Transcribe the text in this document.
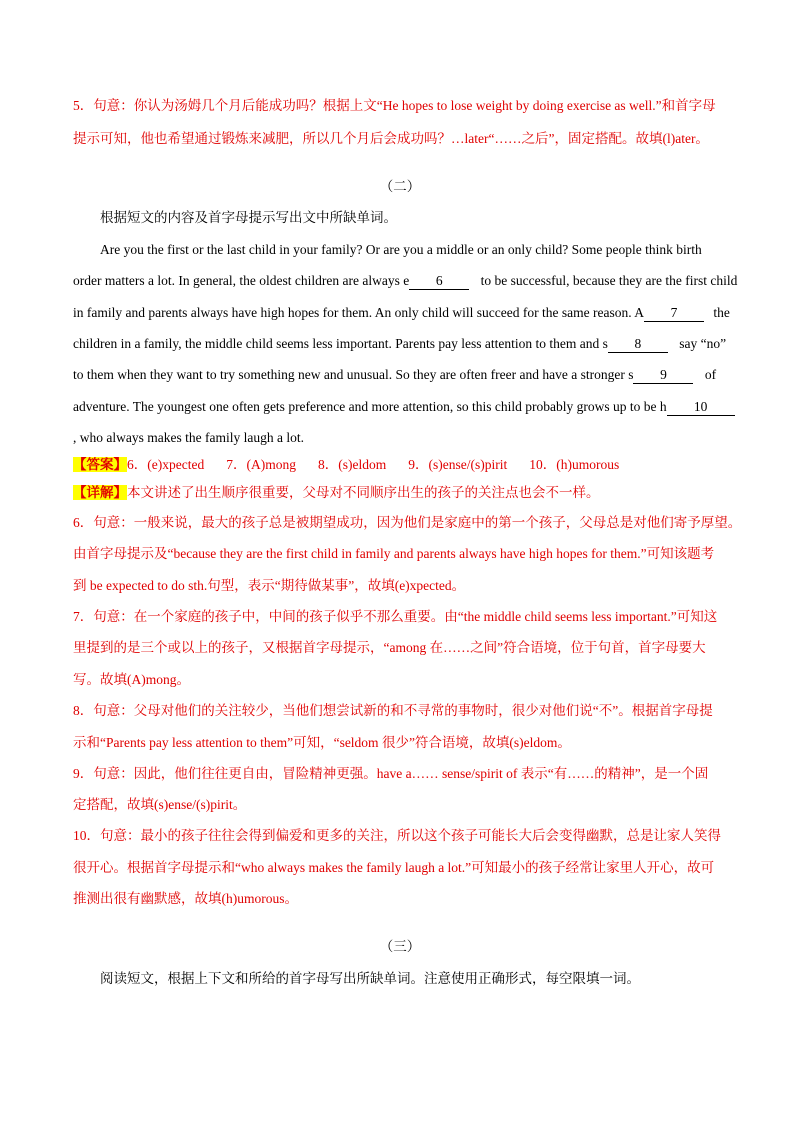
5．句意：你认为汤姆几个月后能成功吗？根据上文“He hopes to lose weight by doing exercise as well.”和首字母
提示可知，他也希望通过锻炼来减肥，所以几个月后会成功吗？…later“……之后”，固定搭配。故填(l)ater。
（二）
根据短文的内容及首字母提示写出文中所缺单词。
Are you the first or the last child in your family? Or are you a middle or an only child? Some people think birth
order matters a lot. In general, the oldest children are always e 6	to be successful, because they are the first child
in family and parents always have high hopes for them. An only child will succeed for the same reason. A 7	the
children in a family, the middle child seems less important. Parents pay less attention to them and s 8	say “no”
to them when they want to try something new and unusual. So they are often freer and have a stronger s 9	of
adventure. The youngest one often gets preference and more attention, so this child probably grows up to be h 10
, who always makes the family laugh a lot.
【答案】6．(e)xpected 7．(A)mong 8．(s)eldom 9．(s)ense/(s)pirit 10．(h)umorous
【详解】本文讲述了出生顺序很重要，父母对不同顺序出生的孩子的关注点也会不一样。
6．句意：一般来说，最大的孩子总是被期望成功，因为他们是家庭中的第一个孩子，父母总是对他们寄予厚望。
由首字母提示及“because they are the first child in family and parents always have high hopes for them.”可知该题考
到 be expected to do sth.句型，表示“期待做某事”，故填(e)xpected。
7．句意：在一个家庭的孩子中，中间的孩子似乎不那么重要。由“the middle child seems less important.”可知这
里提到的是三个或以上的孩子，又根据首字母提示，“among 在……之间”符合语境，位于句首，首字母要大
写。故填(A)mong。
8．句意：父母对他们的关注较少，当他们想尝试新的和不寻常的事物时，很少对他们说“不”。根据首字母提
示和“Parents pay less attention to them”可知，“seldom 很少”符合语境，故填(s)eldom。
9．句意：因此，他们往往更自由，冒险精神更强。have a…… sense/spirit of 表示“有……的精神”，是一个固
定搭配，故填(s)ense/(s)pirit。
10．句意：最小的孩子往往会得到偏爱和更多的关注，所以这个孩子可能长大后会变得幽默，总是让家人笑得
很开心。根据首字母提示和“who always makes the family laugh a lot.”可知最小的孩子经常让家里人开心，故可
推测出很有幽默感，故填(h)umorous。
（三）
阅读短文，根据上下文和所给的首字母写出所缺单词。注意使用正确形式，每空限填一词。
